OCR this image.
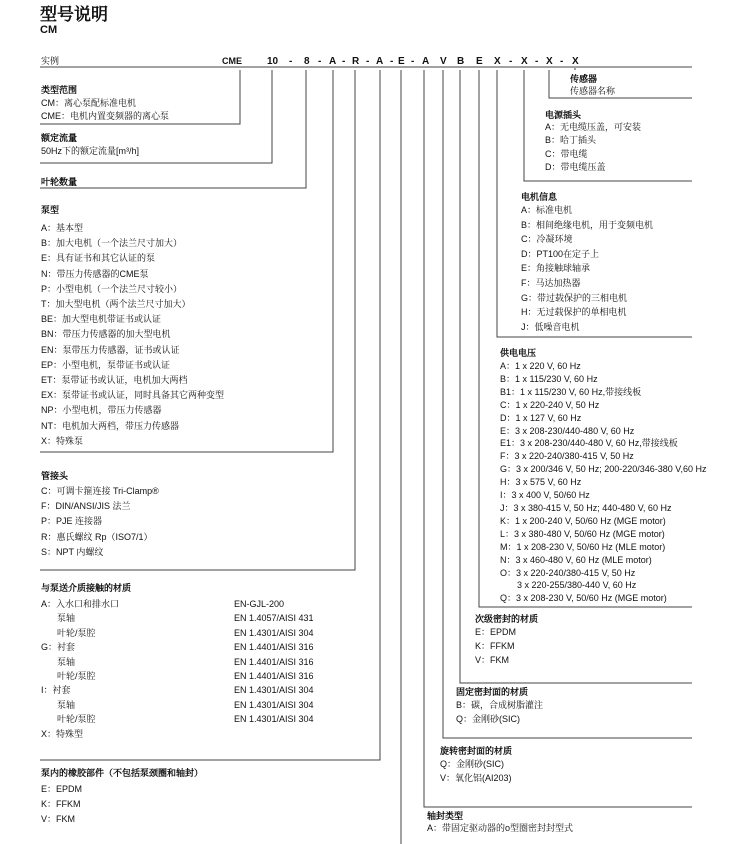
型号说明
CM
实例	CME	10 - 8 - A - R - A - E - A V B E X - X - X - X
类型范围
CM：离心泵配标准电机
CME：电机内置变频器的离心泵
额定流量
50Hz下的额定流量[m³/h]
叶轮数量
泵型
A：基本型
B：加大电机（一个法兰尺寸加大）
E：具有证书和其它认证的泵
N：带压力传感器的CME泵
P：小型电机（一个法兰尺寸较小）
T：加大型电机（两个法兰尺寸加大）
BE：加大型电机带证书或认证
BN：带压力传感器的加大型电机
EN：泵带压力传感器，证书或认证
EP：小型电机，泵带证书或认证
ET：泵带证书或认证，电机加大两档
EX：泵带证书或认证，同时具备其它两种变型
NP：小型电机，带压力传感器
NT：电机加大两档，带压力传感器
X：特殊泵
管接头
C：可调卡箍连接 Tri-Clamp®
F：DIN/ANSI/JIS 法兰
P：PJE 连接器
R：惠氏螺纹 Rp（ISO7/1）
S：NPT 内螺纹
与泵送介质接触的材质
A：入水口和排水口	EN-GJL-200
泵轴	EN 1.4057/AISI 431
叶轮/泵腔	EN 1.4301/AISI 304
G：衬套	EN 1.4401/AISI 316
泵轴	EN 1.4401/AISI 316
叶轮/泵腔	EN 1.4401/AISI 316
I：衬套	EN 1.4301/AISI 304
泵轴	EN 1.4301/AISI 304
叶轮/泵腔	EN 1.4301/AISI 304
X：特殊型
泵内的橡胶部件（不包括泵颈圈和轴封）
E：EPDM
K：FFKM
V：FKM
传感器
传感器名称
电源插头
A：无电缆压盖，可安装
B：哈丁插头
C：带电缆
D：带电缆压盖
电机信息
A：标准电机
B：相间绝缘电机，用于变频电机
C：冷凝环境
D：PT100在定子上
E：角接触球轴承
F：马达加热器
G：带过载保护的三相电机
H：无过载保护的单相电机
J：低噪音电机
供电电压
A：1 x 220 V, 60 Hz
B：1 x 115/230 V, 60 Hz
B1：1 x 115/230 V, 60 Hz,带接线板
C：1 x 220-240 V, 50 Hz
D：1 x 127 V, 60 Hz
E：3 x 208-230/440-480 V, 60 Hz
E1：3 x 208-230/440-480 V, 60 Hz,带接线板
F：3 x 220-240/380-415 V, 50 Hz
G：3 x 200/346 V, 50 Hz; 200-220/346-380 V,60 Hz
H：3 x 575 V, 60 Hz
I：3 x 400 V, 50/60 Hz
J：3 x 380-415 V, 50 Hz; 440-480 V, 60 Hz
K：1 x 200-240 V, 50/60 Hz (MGE motor)
L：3 x 380-480 V, 50/60 Hz (MGE motor)
M：1 x 208-230 V, 50/60 Hz (MLE motor)
N：3 x 460-480 V, 60 Hz (MLE motor)
O：3 x 220-240/380-415 V, 50 Hz
3 x 220-255/380-440 V, 60 Hz
Q：3 x 208-230 V, 50/60 Hz (MGE motor)
次级密封的材质
E：EPDM
K：FFKM
V：FKM
固定密封面的材质
B：碳，合成树脂灌注
Q：金刚砂(SIC)
旋转密封面的材质
Q：金刚砂(SIC)
V：氧化铝(AI203)
轴封类型
A：带固定驱动器的o型圈密封封型式
